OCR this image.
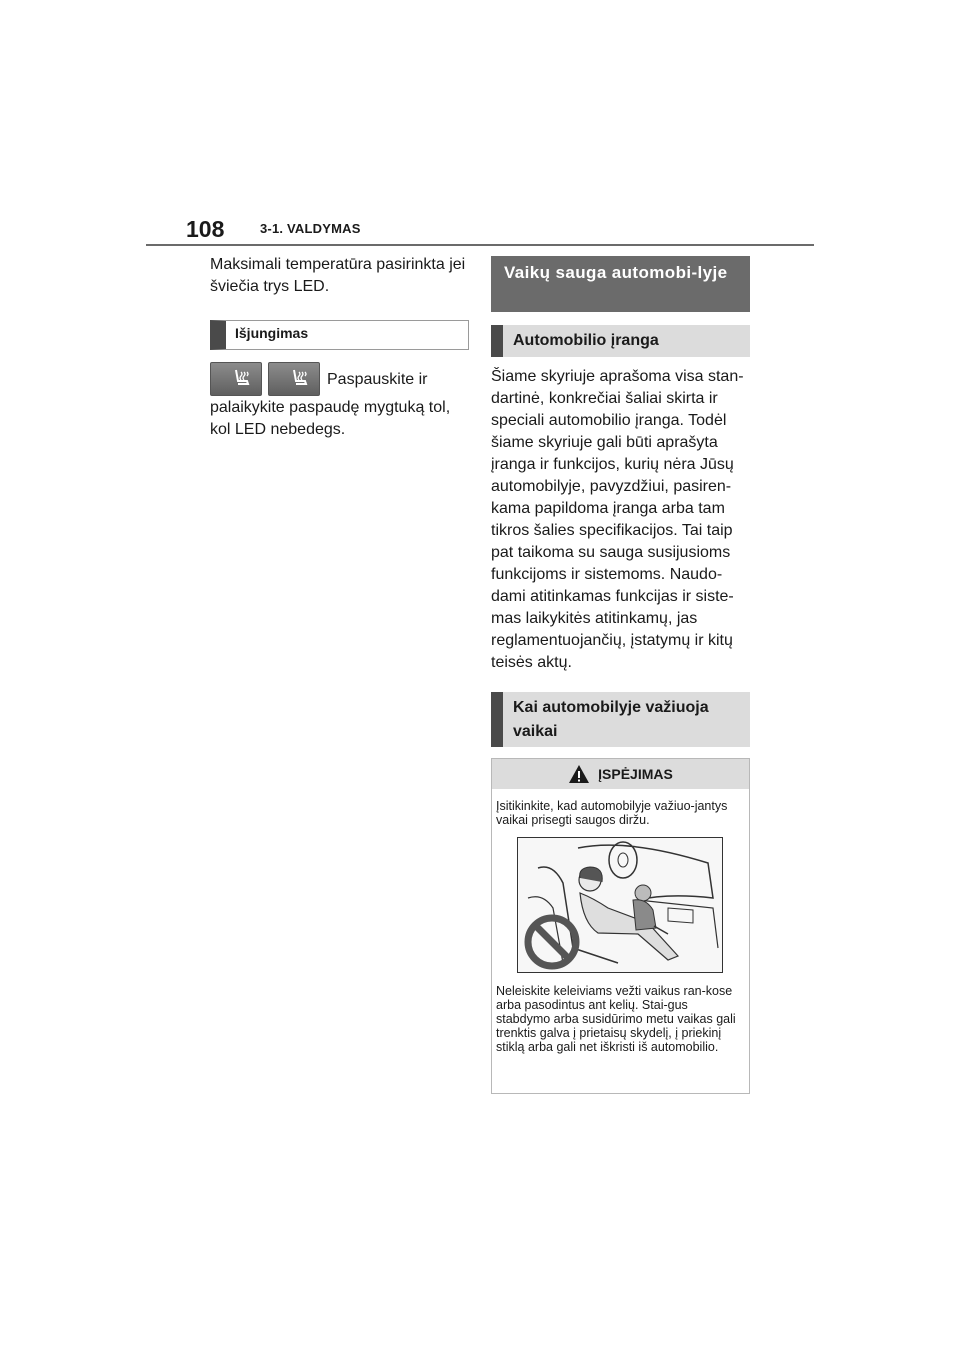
108	3-1. VALDYMAS

Maksimali temperatūra pasirinkta jei šviečia trys LED.

Išjungimas

Paspauskite ir

palaikykite paspaudę mygtuką tol, kol LED nebedegs.

Vaikų sauga automobi-lyje
Automobilio įranga

Šiame skyriuje aprašoma visa stan-dartinė, konkrečiai šaliai skirta ir speciali automobilio įranga. Todėl šiame skyriuje gali būti aprašyta įranga ir funkcijos, kurių nėra Jūsų automobilyje, pavyzdžiui, pasiren-kama papildoma įranga arba tam tikros šalies specifikacijos. Tai taip pat taikoma su sauga susijusioms funkcijoms ir sistemoms. Naudo-dami atitinkamas funkcijas ir siste-mas laikykitės atitinkamų, jas reglamentuojančių, įstatymų ir kitų teisės aktų.

Kai automobilyje važiuoja vaikai
ĮSPĖJIMAS

Įsitikinkite, kad automobilyje važiuo-jantys vaikai prisegti saugos diržu.

Neleiskite keleiviams vežti vaikus ran-kose arba pasodintus ant kelių. Stai-gus stabdymo arba susidūrimo metu vaikas gali trenktis galva į prietaisų skydelį, į priekinį stiklą arba gali net iškristi iš automobilio.
